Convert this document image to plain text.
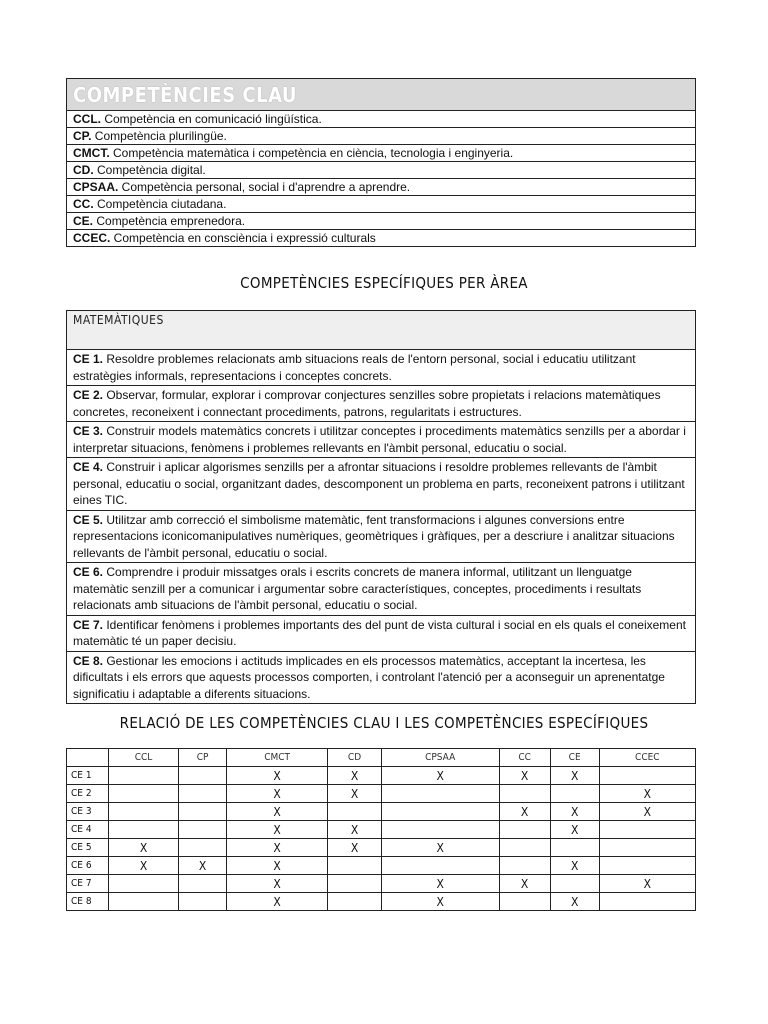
COMPETÈNCIES CLAU
CCL. Competència en comunicació lingüística.
CP. Competència plurilingüe.
CMCT. Competència matemàtica i competència en ciència, tecnologia i enginyeria.
CD. Competència digital.
CPSAA. Competència personal, social i d'aprendre a aprendre.
CC. Competència ciutadana.
CE. Competència emprenedora.
CCEC. Competència en consciència i expressió culturals
COMPETÈNCIES ESPECÍFIQUES PER ÀREA
MATEMÀTIQUES
CE 1. Resoldre problemes relacionats amb situacions reals de l'entorn personal, social i educatiu utilitzant estratègies informals, representacions i conceptes concrets.
CE 2. Observar, formular, explorar i comprovar conjectures senzilles sobre propietats i relacions matemàtiques concretes, reconeixent i connectant procediments, patrons, regularitats i estructures.
CE 3. Construir models matemàtics concrets i utilitzar conceptes i procediments matemàtics senzills per a abordar i interpretar situacions, fenòmens i problemes rellevants en l'àmbit personal, educatiu o social.
CE 4. Construir i aplicar algorismes senzills per a afrontar situacions i resoldre problemes rellevants de l'àmbit personal, educatiu o social, organitzant dades, descomponent un problema en parts, reconeixent patrons i utilitzant eines TIC.
CE 5. Utilitzar amb correcció el simbolisme matemàtic, fent transformacions i algunes conversions entre representacions iconicomanipulatives numèriques, geomètriques i gràfiques, per a descriure i analitzar situacions rellevants de l'àmbit personal, educatiu o social.
CE 6. Comprendre i produir missatges orals i escrits concrets de manera informal, utilitzant un llenguatge matemàtic senzill per a comunicar i argumentar sobre característiques, conceptes, procediments i resultats relacionats amb situacions de l'àmbit personal, educatiu o social.
CE 7. Identificar fenòmens i problemes importants des del punt de vista cultural i social en els quals el coneixement matemàtic té un paper decisiu.
CE 8. Gestionar les emocions i actituds implicades en els processos matemàtics, acceptant la incertesa, les dificultats i els errors que aquests processos comporten, i controlant l'atenció per a aconseguir un aprenentatge significatiu i adaptable a diferents situacions.
RELACIÓ DE LES COMPETÈNCIES CLAU I LES COMPETÈNCIES ESPECÍFIQUES
	CCL	CP	CMCT	CD	CPSAA	CC	CE	CCEC
CE 1			X	X	X	X	X	
CE 2			X	X				X
CE 3			X			X	X	X
CE 4			X	X			X	
CE 5	X		X	X	X			
CE 6	X	X	X				X	
CE 7			X		X	X		X
CE 8			X		X		X	
